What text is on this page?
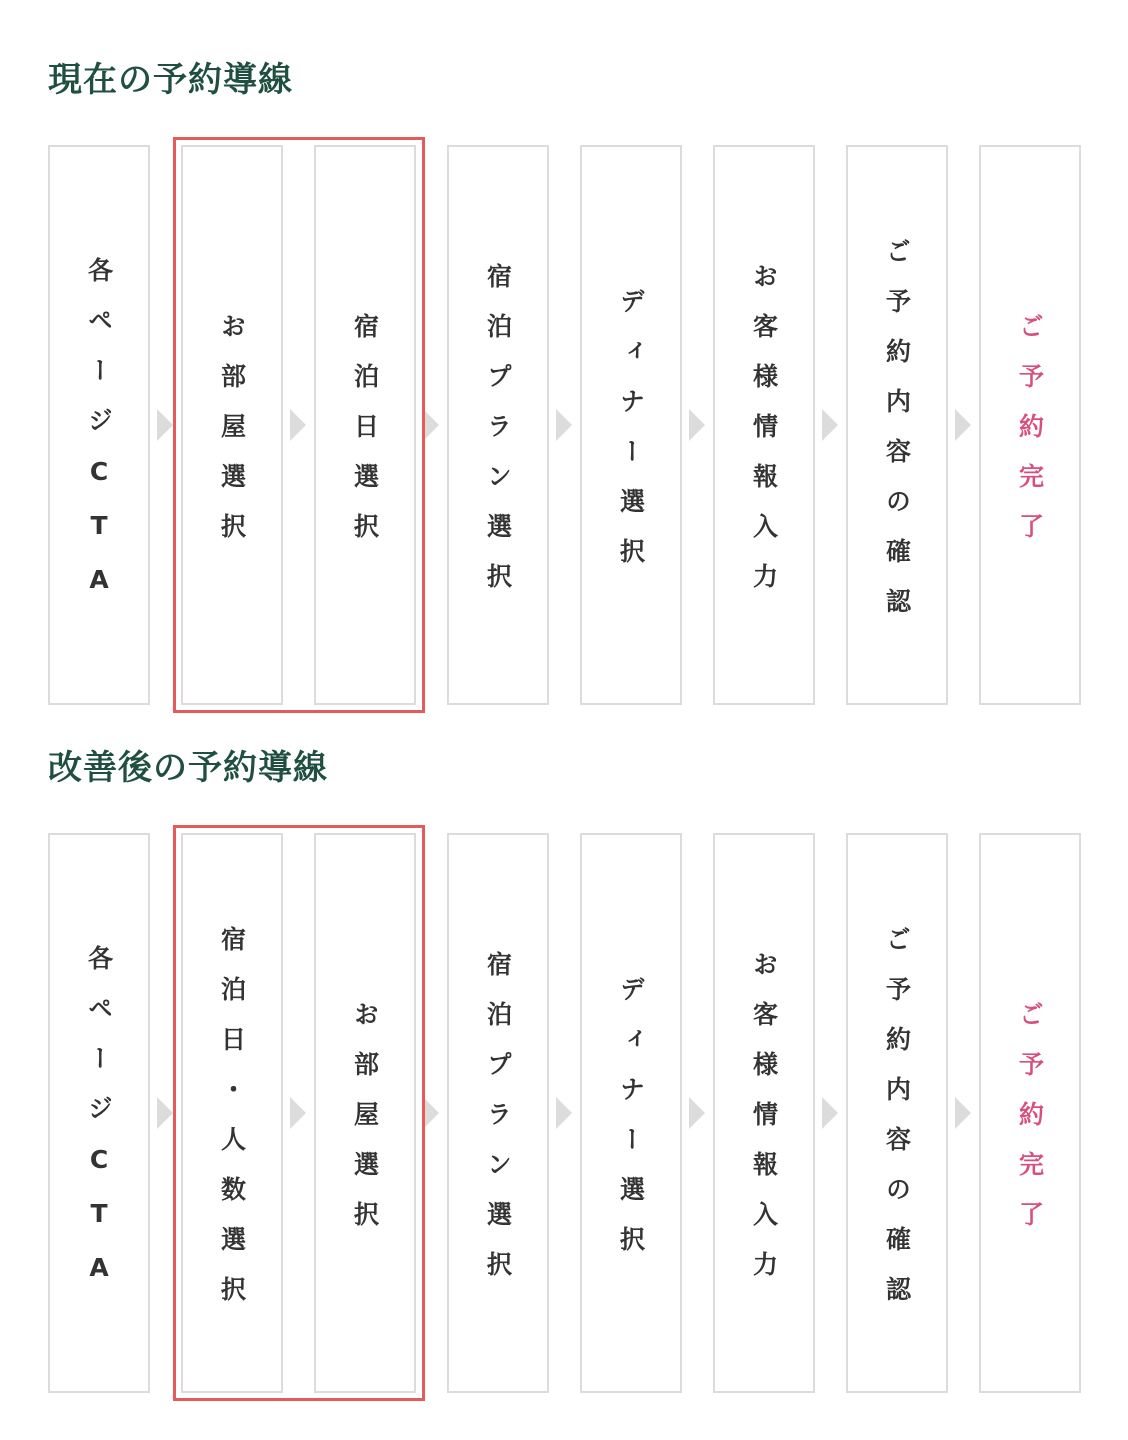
現在の予約導線
各ページCTA	お部屋選択	宿泊日選択	宿泊プラン選択	ディナー選択	お客様情報入力	ご予約内容の確認	ご予約完了
改善後の予約導線
各ページCTA	宿泊日・人数選択	お部屋選択	宿泊プラン選択	ディナー選択	お客様情報入力	ご予約内容の確認	ご予約完了
